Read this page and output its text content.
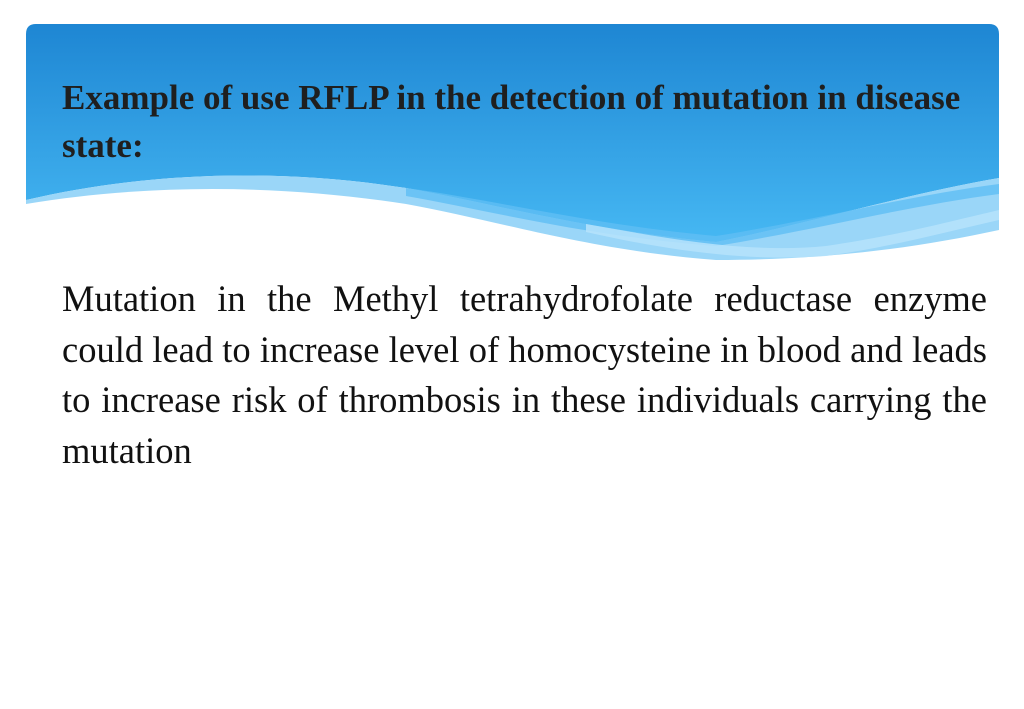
Example of use RFLP in the detection of mutation in disease state:

Mutation in the Methyl tetrahydrofolate reductase enzyme could lead to increase level of homocysteine in blood and leads to increase risk of thrombosis in these individuals carrying the mutation
